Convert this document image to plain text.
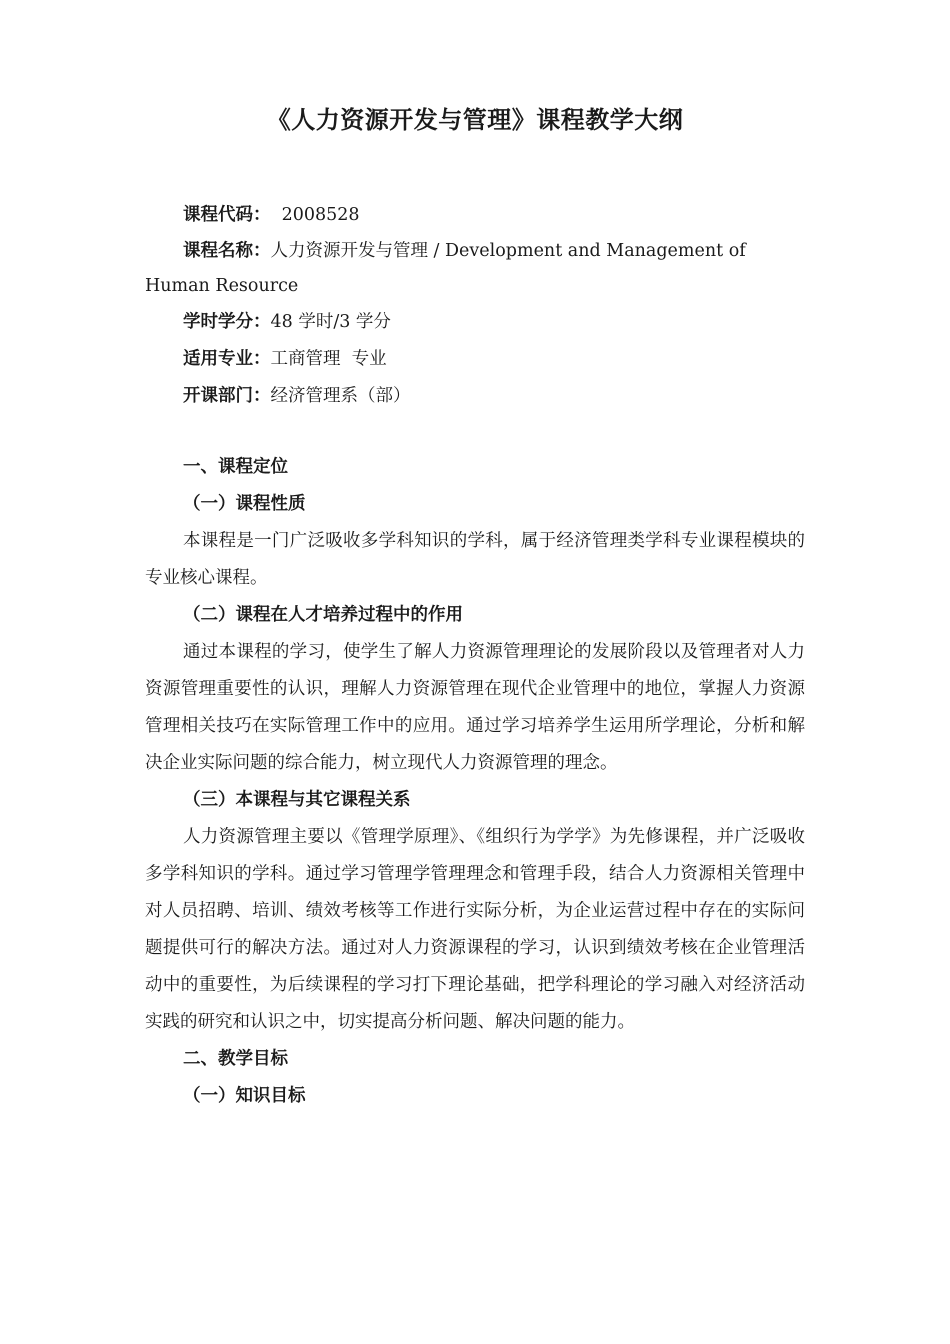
《人力资源开发与管理》课程教学大纲
课程代码：  2008528
课程名称：人力资源开发与管理 / Development and Management of Human Resource
学时学分：48 学时/3 学分
适用专业：工商管理  专业
开课部门：经济管理系（部）
一、课程定位
（一）课程性质

本课程是一门广泛吸收多学科知识的学科，属于经济管理类学科专业课程模块的专业核心课程。

（二）课程在人才培养过程中的作用

通过本课程的学习，使学生了解人力资源管理理论的发展阶段以及管理者对人力资源管理重要性的认识，理解人力资源管理在现代企业管理中的地位，掌握人力资源管理相关技巧在实际管理工作中的应用。通过学习培养学生运用所学理论，分析和解决企业实际问题的综合能力，树立现代人力资源管理的理念。

（三）本课程与其它课程关系

人力资源管理主要以《管理学原理》、《组织行为学学》为先修课程，并广泛吸收多学科知识的学科。通过学习管理学管理理念和管理手段，结合人力资源相关管理中对人员招聘、培训、绩效考核等工作进行实际分析，为企业运营过程中存在的实际问题提供可行的解决方法。通过对人力资源课程的学习，认识到绩效考核在企业管理活动中的重要性，为后续课程的学习打下理论基础，把学科理论的学习融入对经济活动实践的研究和认识之中，切实提高分析问题、解决问题的能力。

二、教学目标
（一）知识目标
